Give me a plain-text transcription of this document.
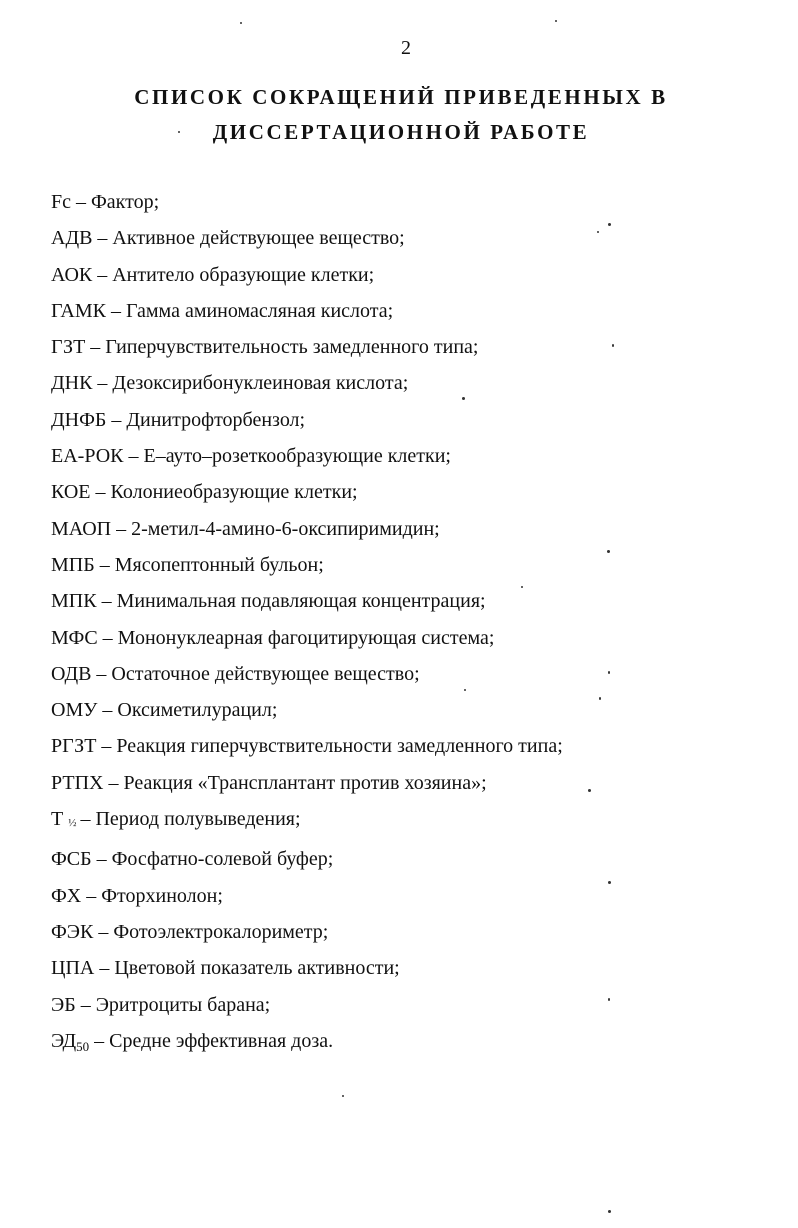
2
СПИСОК СОКРАЩЕНИЙ ПРИВЕДЕННЫХ В
ДИССЕРТАЦИОННОЙ РАБОТЕ
Fc – Фактор;
АДВ – Активное действующее вещество;
АОК – Антитело образующие клетки;
ГАМК – Гамма аминомасляная кислота;
ГЗТ – Гиперчувствительность замедленного типа;
ДНК – Дезоксирибонуклеиновая кислота;
ДНФБ – Динитрофторбензол;
ЕА-РОК – Е–ауто–розеткообразующие клетки;
КОЕ – Колониеобразующие клетки;
МАОП – 2-метил-4-амино-6-оксипиримидин;
МПБ – Мясопептонный бульон;
МПК – Минимальная подавляющая концентрация;
МФС – Мононуклеарная фагоцитирующая система;
ОДВ – Остаточное действующее вещество;
ОМУ – Оксиметилурацил;
РГЗТ – Реакция гиперчувствительности замедленного типа;
РТПХ – Реакция «Трансплантант против хозяина»;
Т $_{\frac{1}{2}}$ – Период полувыведения;
ФСБ – Фосфатно-солевой буфер;
ФХ – Фторхинолон;
ФЭК – Фотоэлектрокалориметр;
ЦПА – Цветовой показатель активности;
ЭБ – Эритроциты барана;
$ЭД_{50}$ – Средне эффективная доза.
